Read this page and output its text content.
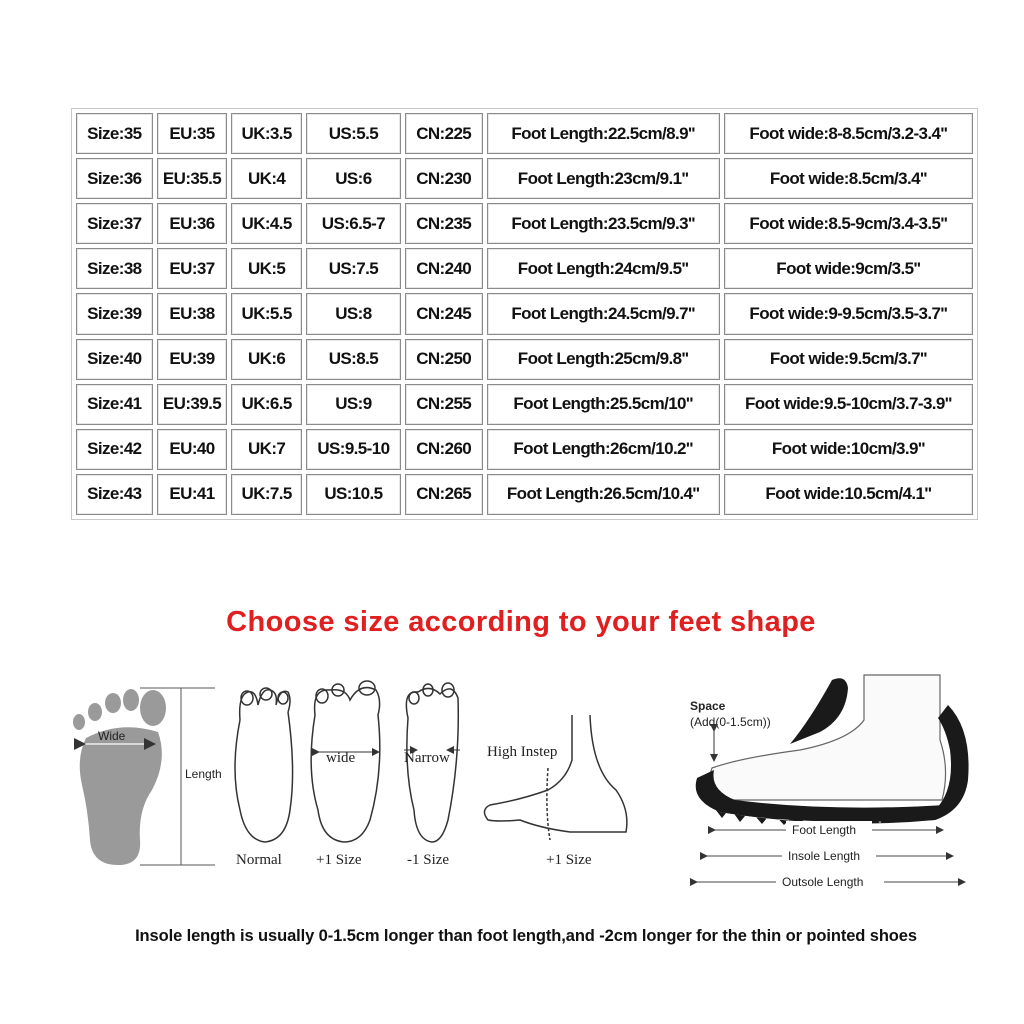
Size:35	EU:35	UK:3.5	US:5.5	CN:225	Foot Length:22.5cm/8.9''	Foot wide:8-8.5cm/3.2-3.4''
Size:36	EU:35.5	UK:4	US:6	CN:230	Foot Length:23cm/9.1''	Foot wide:8.5cm/3.4''
Size:37	EU:36	UK:4.5	US:6.5-7	CN:235	Foot Length:23.5cm/9.3''	Foot wide:8.5-9cm/3.4-3.5''
Size:38	EU:37	UK:5	US:7.5	CN:240	Foot Length:24cm/9.5''	Foot wide:9cm/3.5''
Size:39	EU:38	UK:5.5	US:8	CN:245	Foot Length:24.5cm/9.7''	Foot wide:9-9.5cm/3.5-3.7''
Size:40	EU:39	UK:6	US:8.5	CN:250	Foot Length:25cm/9.8''	Foot wide:9.5cm/3.7''
Size:41	EU:39.5	UK:6.5	US:9	CN:255	Foot Length:25.5cm/10''	Foot wide:9.5-10cm/3.7-3.9''
Size:42	EU:40	UK:7	US:9.5-10	CN:260	Foot Length:26cm/10.2''	Foot wide:10cm/3.9''
Size:43	EU:41	UK:7.5	US:10.5	CN:265	Foot Length:26.5cm/10.4''	Foot wide:10.5cm/4.1''
Choose size according to your feet shape
Wide
Length
Normal
wide
+1 Size
Narrow
-1 Size
High Instep
+1 Size
Space
(Add(0-1.5cm))
Foot Length
Insole Length
Outsole Length
Insole length is usually 0-1.5cm longer than foot length,and -2cm longer for the thin or pointed shoes
